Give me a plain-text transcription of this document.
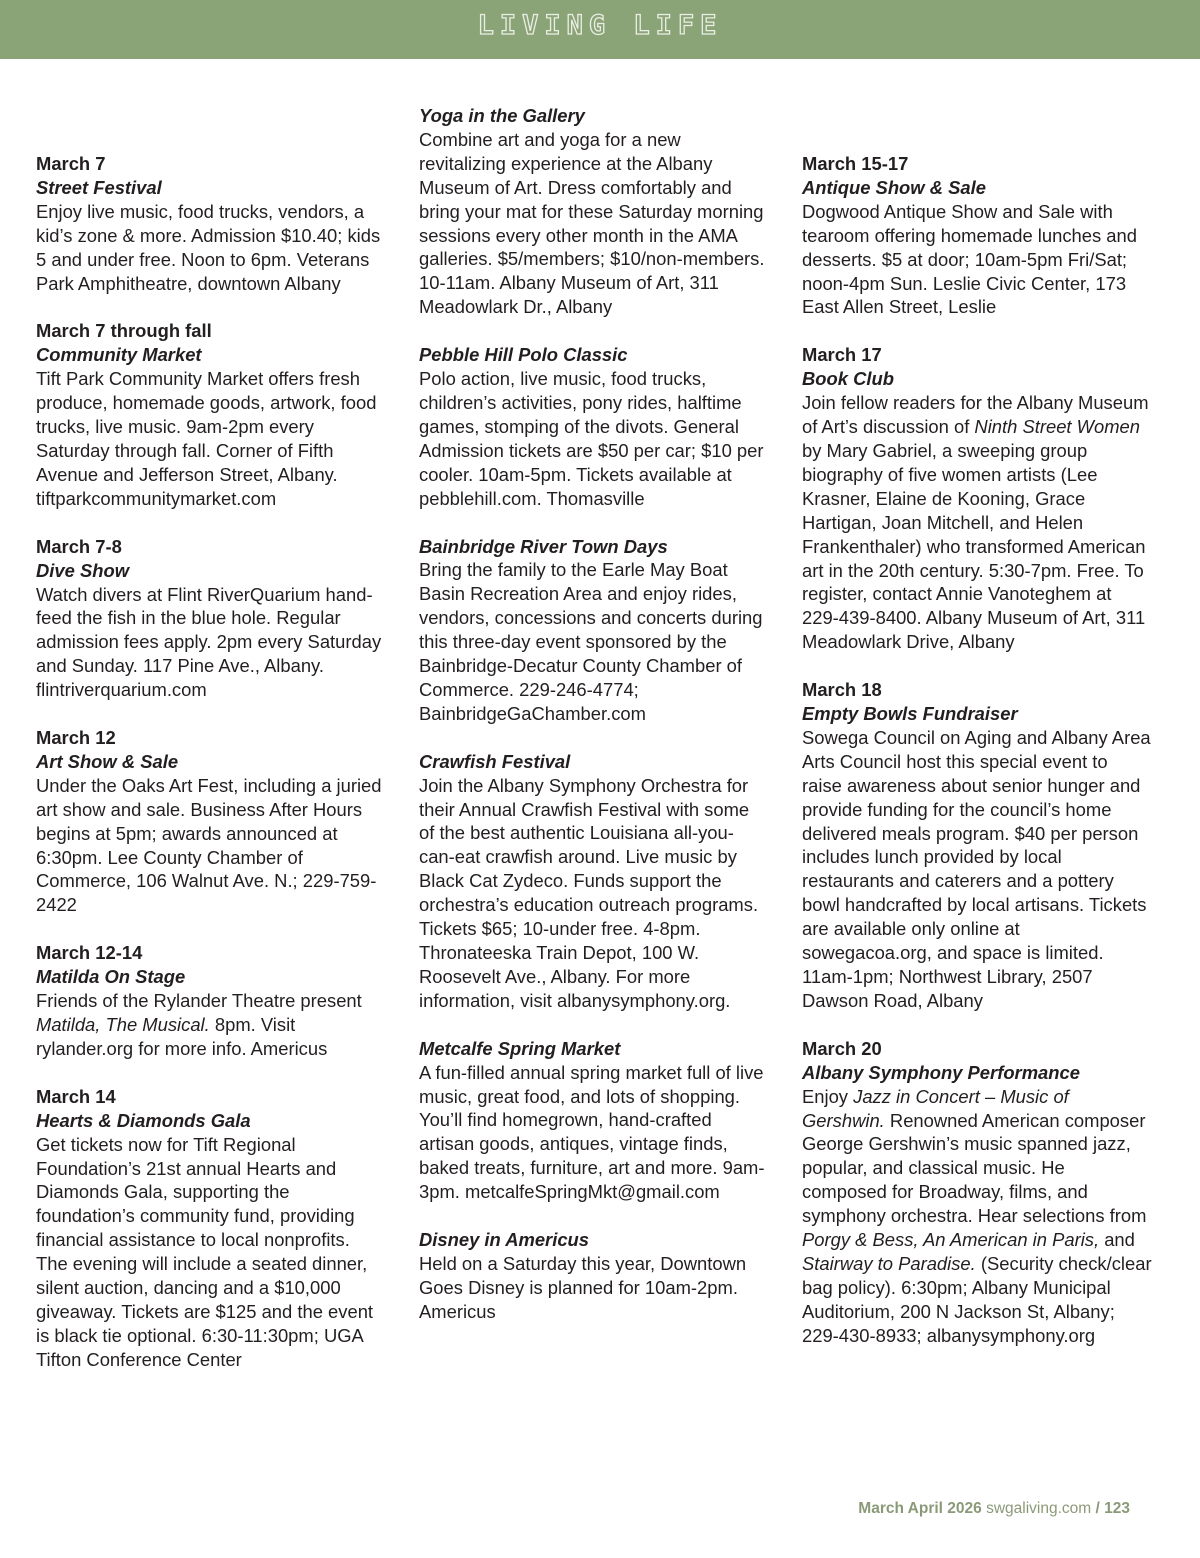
LIVING LIFE
March 7
Street Festival
Enjoy live music, food trucks, vendors, a kid’s zone & more. Admission $10.40; kids 5 and under free. Noon to 6pm. Veterans Park Amphitheatre, downtown Albany
March 7 through fall
Community Market
Tift Park Community Market offers fresh produce, homemade goods, artwork, food trucks, live music. 9am-2pm every Saturday through fall. Corner of Fifth Avenue and Jefferson Street, Albany. tiftparkcommunitymarket.com
March 7-8
Dive Show
Watch divers at Flint RiverQuarium hand-feed the fish in the blue hole. Regular admission fees apply. 2pm every Saturday and Sunday. 117 Pine Ave., Albany. flintriverquarium.com
March 12
Art Show & Sale
Under the Oaks Art Fest, including a juried art show and sale. Business After Hours begins at 5pm; awards announced at 6:30pm. Lee County Chamber of Commerce, 106 Walnut Ave. N.; 229-759-2422
March 12-14
Matilda On Stage
Friends of the Rylander Theatre present Matilda, The Musical. 8pm. Visit rylander.org for more info. Americus
March 14
Hearts & Diamonds Gala
Get tickets now for Tift Regional Foundation’s 21st annual Hearts and Diamonds Gala, supporting the foundation’s community fund, providing financial assistance to local nonprofits. The evening will include a seated dinner, silent auction, dancing and a $10,000 giveaway. Tickets are $125 and the event is black tie optional. 6:30-11:30pm; UGA Tifton Conference Center
Yoga in the Gallery
Combine art and yoga for a new revitalizing experience at the Albany Museum of Art. Dress comfortably and bring your mat for these Saturday morning sessions every other month in the AMA galleries. $5/members; $10/non-members. 10-11am. Albany Museum of Art, 311 Meadowlark Dr., Albany
Pebble Hill Polo Classic
Polo action, live music, food trucks, children’s activities, pony rides, halftime games, stomping of the divots. General Admission tickets are $50 per car; $10 per cooler. 10am-5pm. Tickets available at pebblehill.com. Thomasville
Bainbridge River Town Days
Bring the family to the Earle May Boat Basin Recreation Area and enjoy rides, vendors, concessions and concerts during this three-day event sponsored by the Bainbridge-Decatur County Chamber of Commerce. 229-246-4774; BainbridgeGaChamber.com
Crawfish Festival
Join the Albany Symphony Orchestra for their Annual Crawfish Festival with some of the best authentic Louisiana all-you-can-eat crawfish around. Live music by Black Cat Zydeco. Funds support the orchestra’s education outreach programs. Tickets $65; 10-under free. 4-8pm. Thronateeska Train Depot, 100 W. Roosevelt Ave., Albany. For more information, visit albanysymphony.org.
Metcalfe Spring Market
A fun-filled annual spring market full of live music, great food, and lots of shopping. You’ll find homegrown, hand-crafted artisan goods, antiques, vintage finds, baked treats, furniture, art and more. 9am-3pm. metcalfeSpringMkt@gmail.com
Disney in Americus
Held on a Saturday this year, Downtown Goes Disney is planned for 10am-2pm. Americus
March 15-17
Antique Show & Sale
Dogwood Antique Show and Sale with tearoom offering homemade lunches and desserts. $5 at door; 10am-5pm Fri/Sat; noon-4pm Sun. Leslie Civic Center, 173 East Allen Street, Leslie
March 17
Book Club
Join fellow readers for the Albany Museum of Art’s discussion of Ninth Street Women by Mary Gabriel, a sweeping group biography of five women artists (Lee Krasner, Elaine de Kooning, Grace Hartigan, Joan Mitchell, and Helen Frankenthaler) who transformed American art in the 20th century. 5:30-7pm. Free. To register, contact Annie Vanoteghem at 229-439-8400. Albany Museum of Art, 311 Meadowlark Drive, Albany
March 18
Empty Bowls Fundraiser
Sowega Council on Aging and Albany Area Arts Council host this special event to raise awareness about senior hunger and provide funding for the council’s home delivered meals program. $40 per person includes lunch provided by local restaurants and caterers and a pottery bowl handcrafted by local artisans. Tickets are available only online at sowegacoa.org, and space is limited. 11am-1pm; Northwest Library, 2507 Dawson Road, Albany
March 20
Albany Symphony Performance
Enjoy Jazz in Concert – Music of Gershwin. Renowned American composer George Gershwin’s music spanned jazz, popular, and classical music. He composed for Broadway, films, and symphony orchestra. Hear selections from Porgy & Bess, An American in Paris, and Stairway to Paradise. (Security check/clear bag policy). 6:30pm; Albany Municipal Auditorium, 200 N Jackson St, Albany; 229-430-8933; albanysymphony.org
March April 2026 swgaliving.com / 123
